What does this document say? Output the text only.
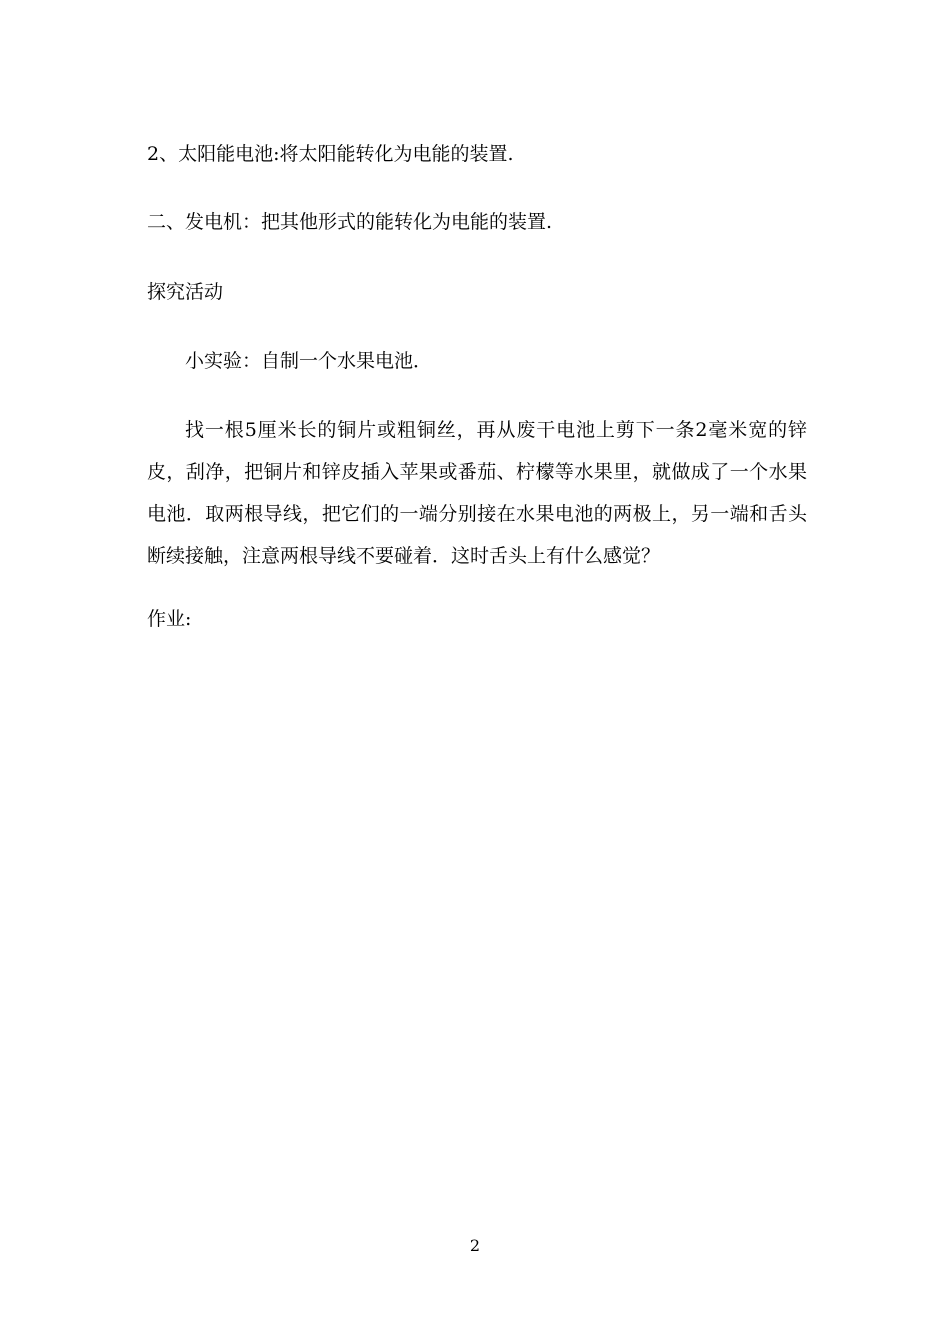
2、太阳能电池:将太阳能转化为电能的装置.
二、发电机：把其他形式的能转化为电能的装置.
探究活动
小实验：自制一个水果电池．
找一根5厘米长的铜片或粗铜丝，再从废干电池上剪下一条2毫米宽的锌皮，刮净，把铜片和锌皮插入苹果或番茄、柠檬等水果里，就做成了一个水果电池．取两根导线，把它们的一端分别接在水果电池的两极上，另一端和舌头断续接触，注意两根导线不要碰着．这时舌头上有什么感觉？
作业:
2
